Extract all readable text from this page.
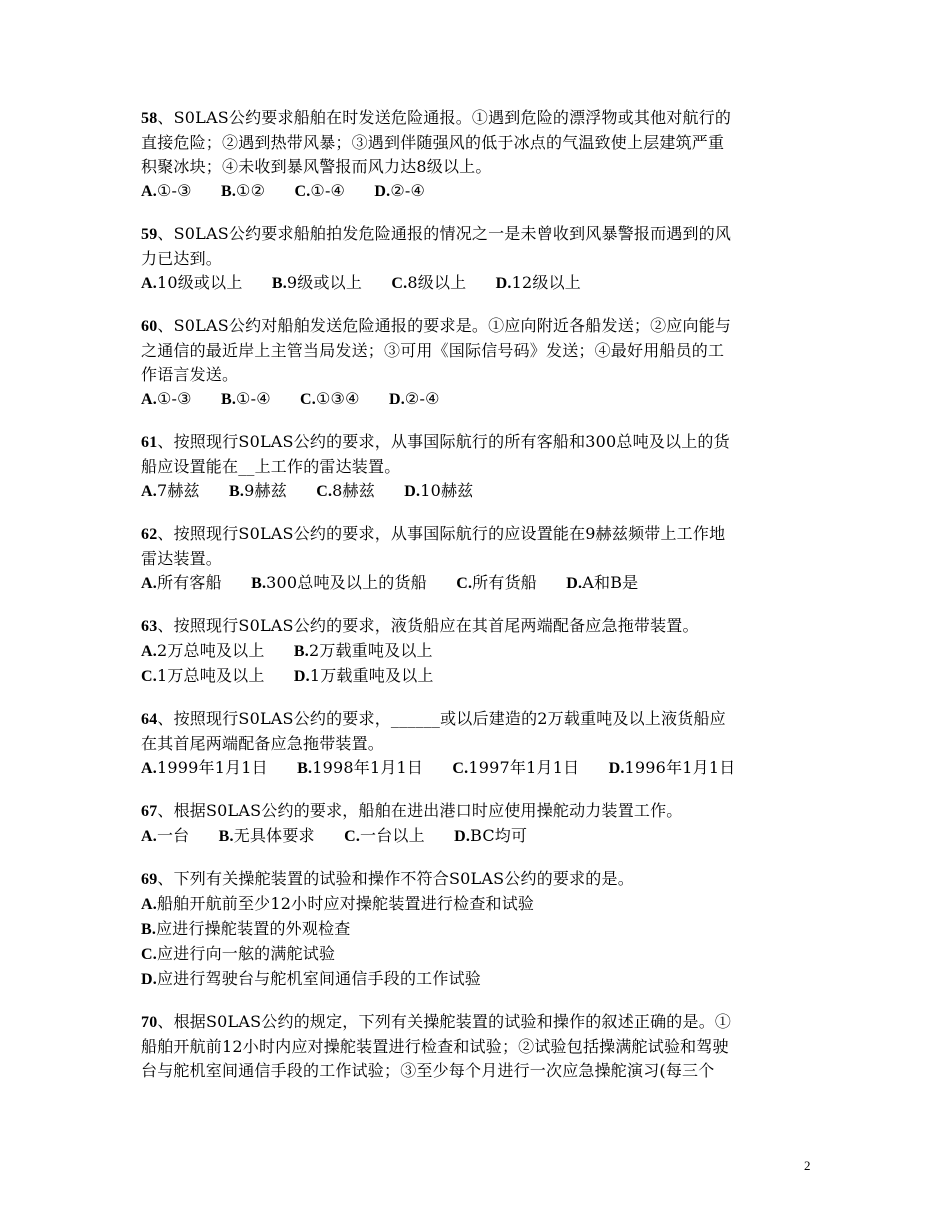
58、S0LAS公约要求船舶在时发送危险通报。①遇到危险的漂浮物或其他对航行的
直接危险；②遇到热带风暴；③遇到伴随强风的低于冰点的气温致使上层建筑严重
积聚冰块；④未收到暴风警报而风力达8级以上。
A.①-③ B.①② C.①-④ D.②-④
59、S0LAS公约要求船舶拍发危险通报的情况之一是未曾收到风暴警报而遇到的风
力已达到。
A.10级或以上 B.9级或以上 C.8级以上 D.12级以上
60、S0LAS公约对船舶发送危险通报的要求是。①应向附近各船发送；②应向能与
之通信的最近岸上主管当局发送；③可用《国际信号码》发送；④最好用船员的工
作语言发送。
A.①-③ B.①-④ C.①③④ D.②-④
61、按照现行S0LAS公约的要求，从事国际航行的所有客船和300总吨及以上的货
船应设置能在__上工作的雷达装置。
A.7赫兹 B.9赫兹 C.8赫兹 D.10赫兹
62、按照现行S0LAS公约的要求，从事国际航行的应设置能在9赫兹频带上工作地
雷达装置。
A.所有客船 B.300总吨及以上的货船 C.所有货船 D.A和B是
63、按照现行S0LAS公约的要求，液货船应在其首尾两端配备应急拖带装置。
A.2万总吨及以上 B.2万载重吨及以上
C.1万总吨及以上 D.1万载重吨及以上
64、按照现行S0LAS公约的要求，______或以后建造的2万载重吨及以上液货船应
在其首尾两端配备应急拖带装置。
A.1999年1月1日 B.1998年1月1日 C.1997年1月1日 D.1996年1月1日
67、根据S0LAS公约的要求，船舶在进出港口时应使用操舵动力装置工作。
A.一台 B.无具体要求 C.一台以上 D.BC均可
69、下列有关操舵装置的试验和操作不符合S0LAS公约的要求的是。
A.船舶开航前至少12小时应对操舵装置进行检查和试验
B.应进行操舵装置的外观检查
C.应进行向一舷的满舵试验
D.应进行驾驶台与舵机室间通信手段的工作试验
70、根据S0LAS公约的规定，下列有关操舵装置的试验和操作的叙述正确的是。①
船舶开航前12小时内应对操舵装置进行检查和试验；②试验包括操满舵试验和驾驶
台与舵机室间通信手段的工作试验；③至少每个月进行一次应急操舵演习(每三个
2
